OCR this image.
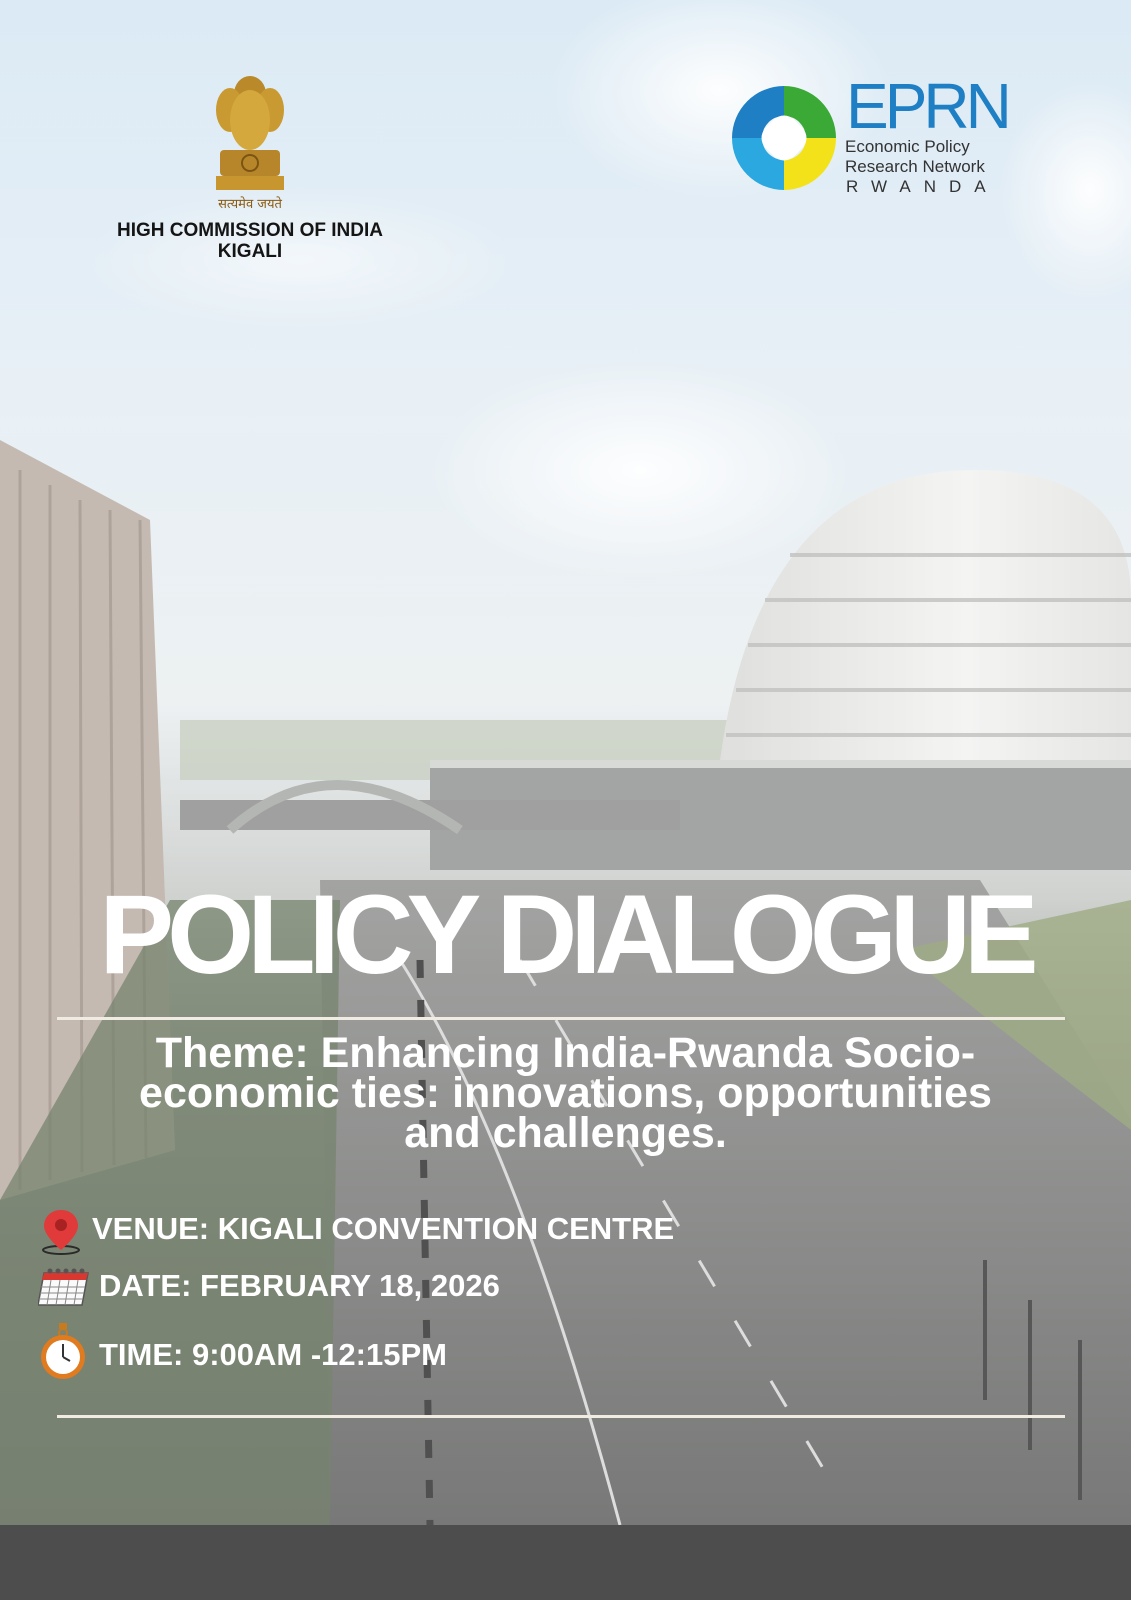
सत्यमेव जयते
HIGH COMMISSION OF INDIA
KIGALI
EPRN
Economic Policy
Research Network
RWANDA
POLICY DIALOGUE
Theme: Enhancing India-Rwanda Socio-
economic ties: innovations, opportunities
and challenges.
VENUE: KIGALI CONVENTION CENTRE
DATE: FEBRUARY 18, 2026
TIME: 9:00AM -12:15PM
